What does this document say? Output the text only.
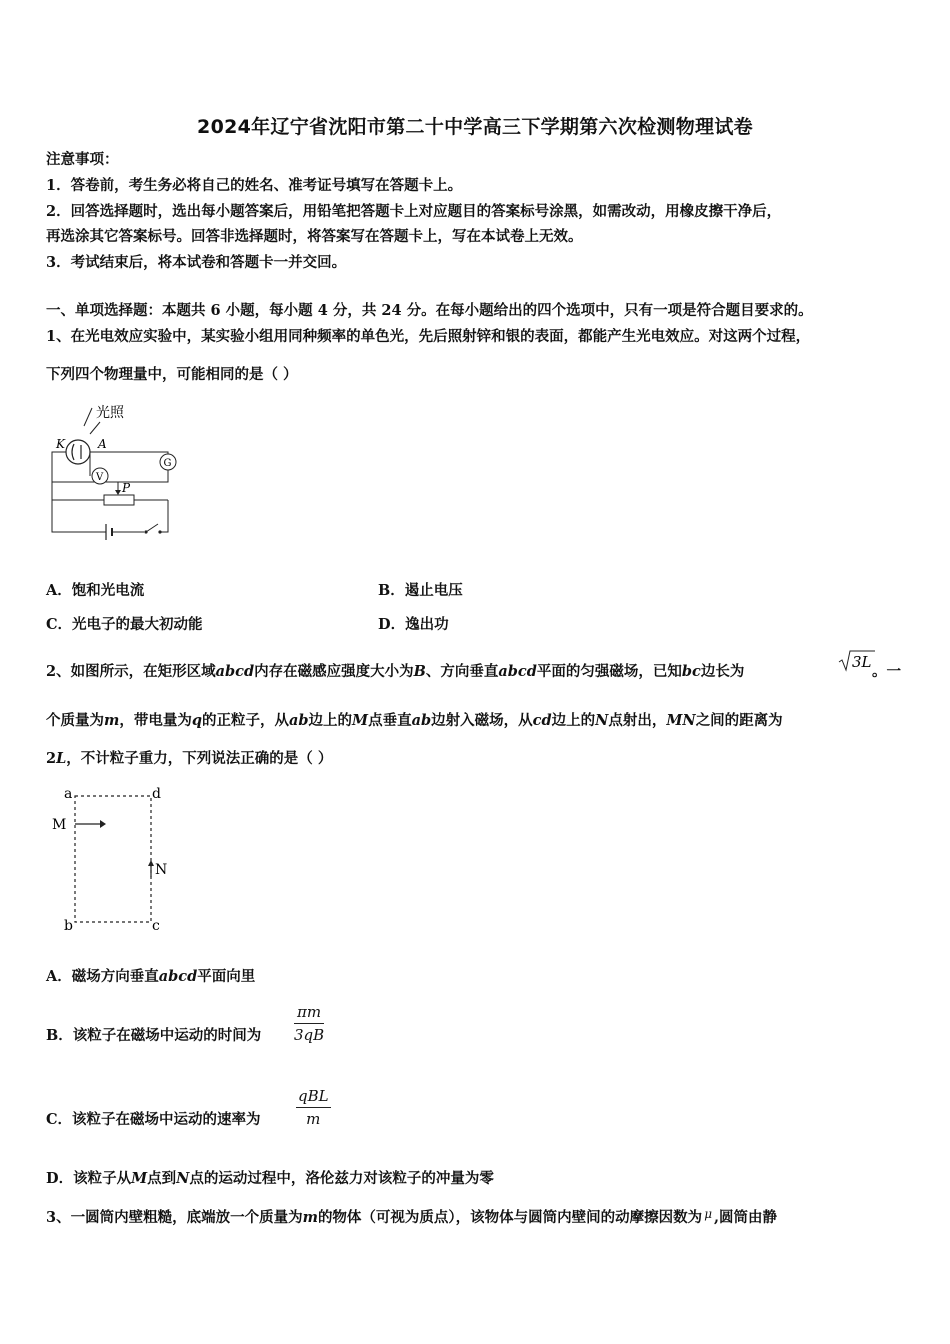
2024年辽宁省沈阳市第二十中学高三下学期第六次检测物理试卷
注意事项：
1．答卷前，考生务必将自己的姓名、准考证号填写在答题卡上。
2．回答选择题时，选出每小题答案后，用铅笔把答题卡上对应题目的答案标号涂黑，如需改动，用橡皮擦干净后，
再选涂其它答案标号。回答非选择题时，将答案写在答题卡上，写在本试卷上无效。
3．考试结束后，将本试卷和答题卡一并交回。
一、单项选择题：本题共 6 小题，每小题 4 分，共 24 分。在每小题给出的四个选项中，只有一项是符合题目要求的。
1、在光电效应实验中，某实验小组用同种频率的单色光，先后照射锌和银的表面，都能产生光电效应。对这两个过程，
下列四个物理量中，可能相同的是（ ）
光照
K	A
G
V
P
A．饱和光电流	B．遏止电压
C．光电子的最大初动能	D．逸出功
2、如图所示，在矩形区域abcd内存在磁感应强度大小为B、方向垂直abcd平面的匀强磁场，已知bc边长为
3L
。一
个质量为m，带电量为q的正粒子，从ab边上的M点垂直ab边射入磁场，从cd边上的N点射出，MN之间的距离为
2L，不计粒子重力，下列说法正确的是（ ）
a	d
b	c
M
N
A．磁场方向垂直abcd平面向里
B．该粒子在磁场中运动的时间为 $\frac{\pi m}{3qB}$
C．该粒子在磁场中运动的速率为
qBL
m
D．该粒子从M点到N点的运动过程中，洛伦兹力对该粒子的冲量为零
3、一圆筒内壁粗糙，底端放一个质量为m的物体（可视为质点），该物体与圆筒内壁间的动摩擦因数为 $^\mu$ ,圆筒由静
